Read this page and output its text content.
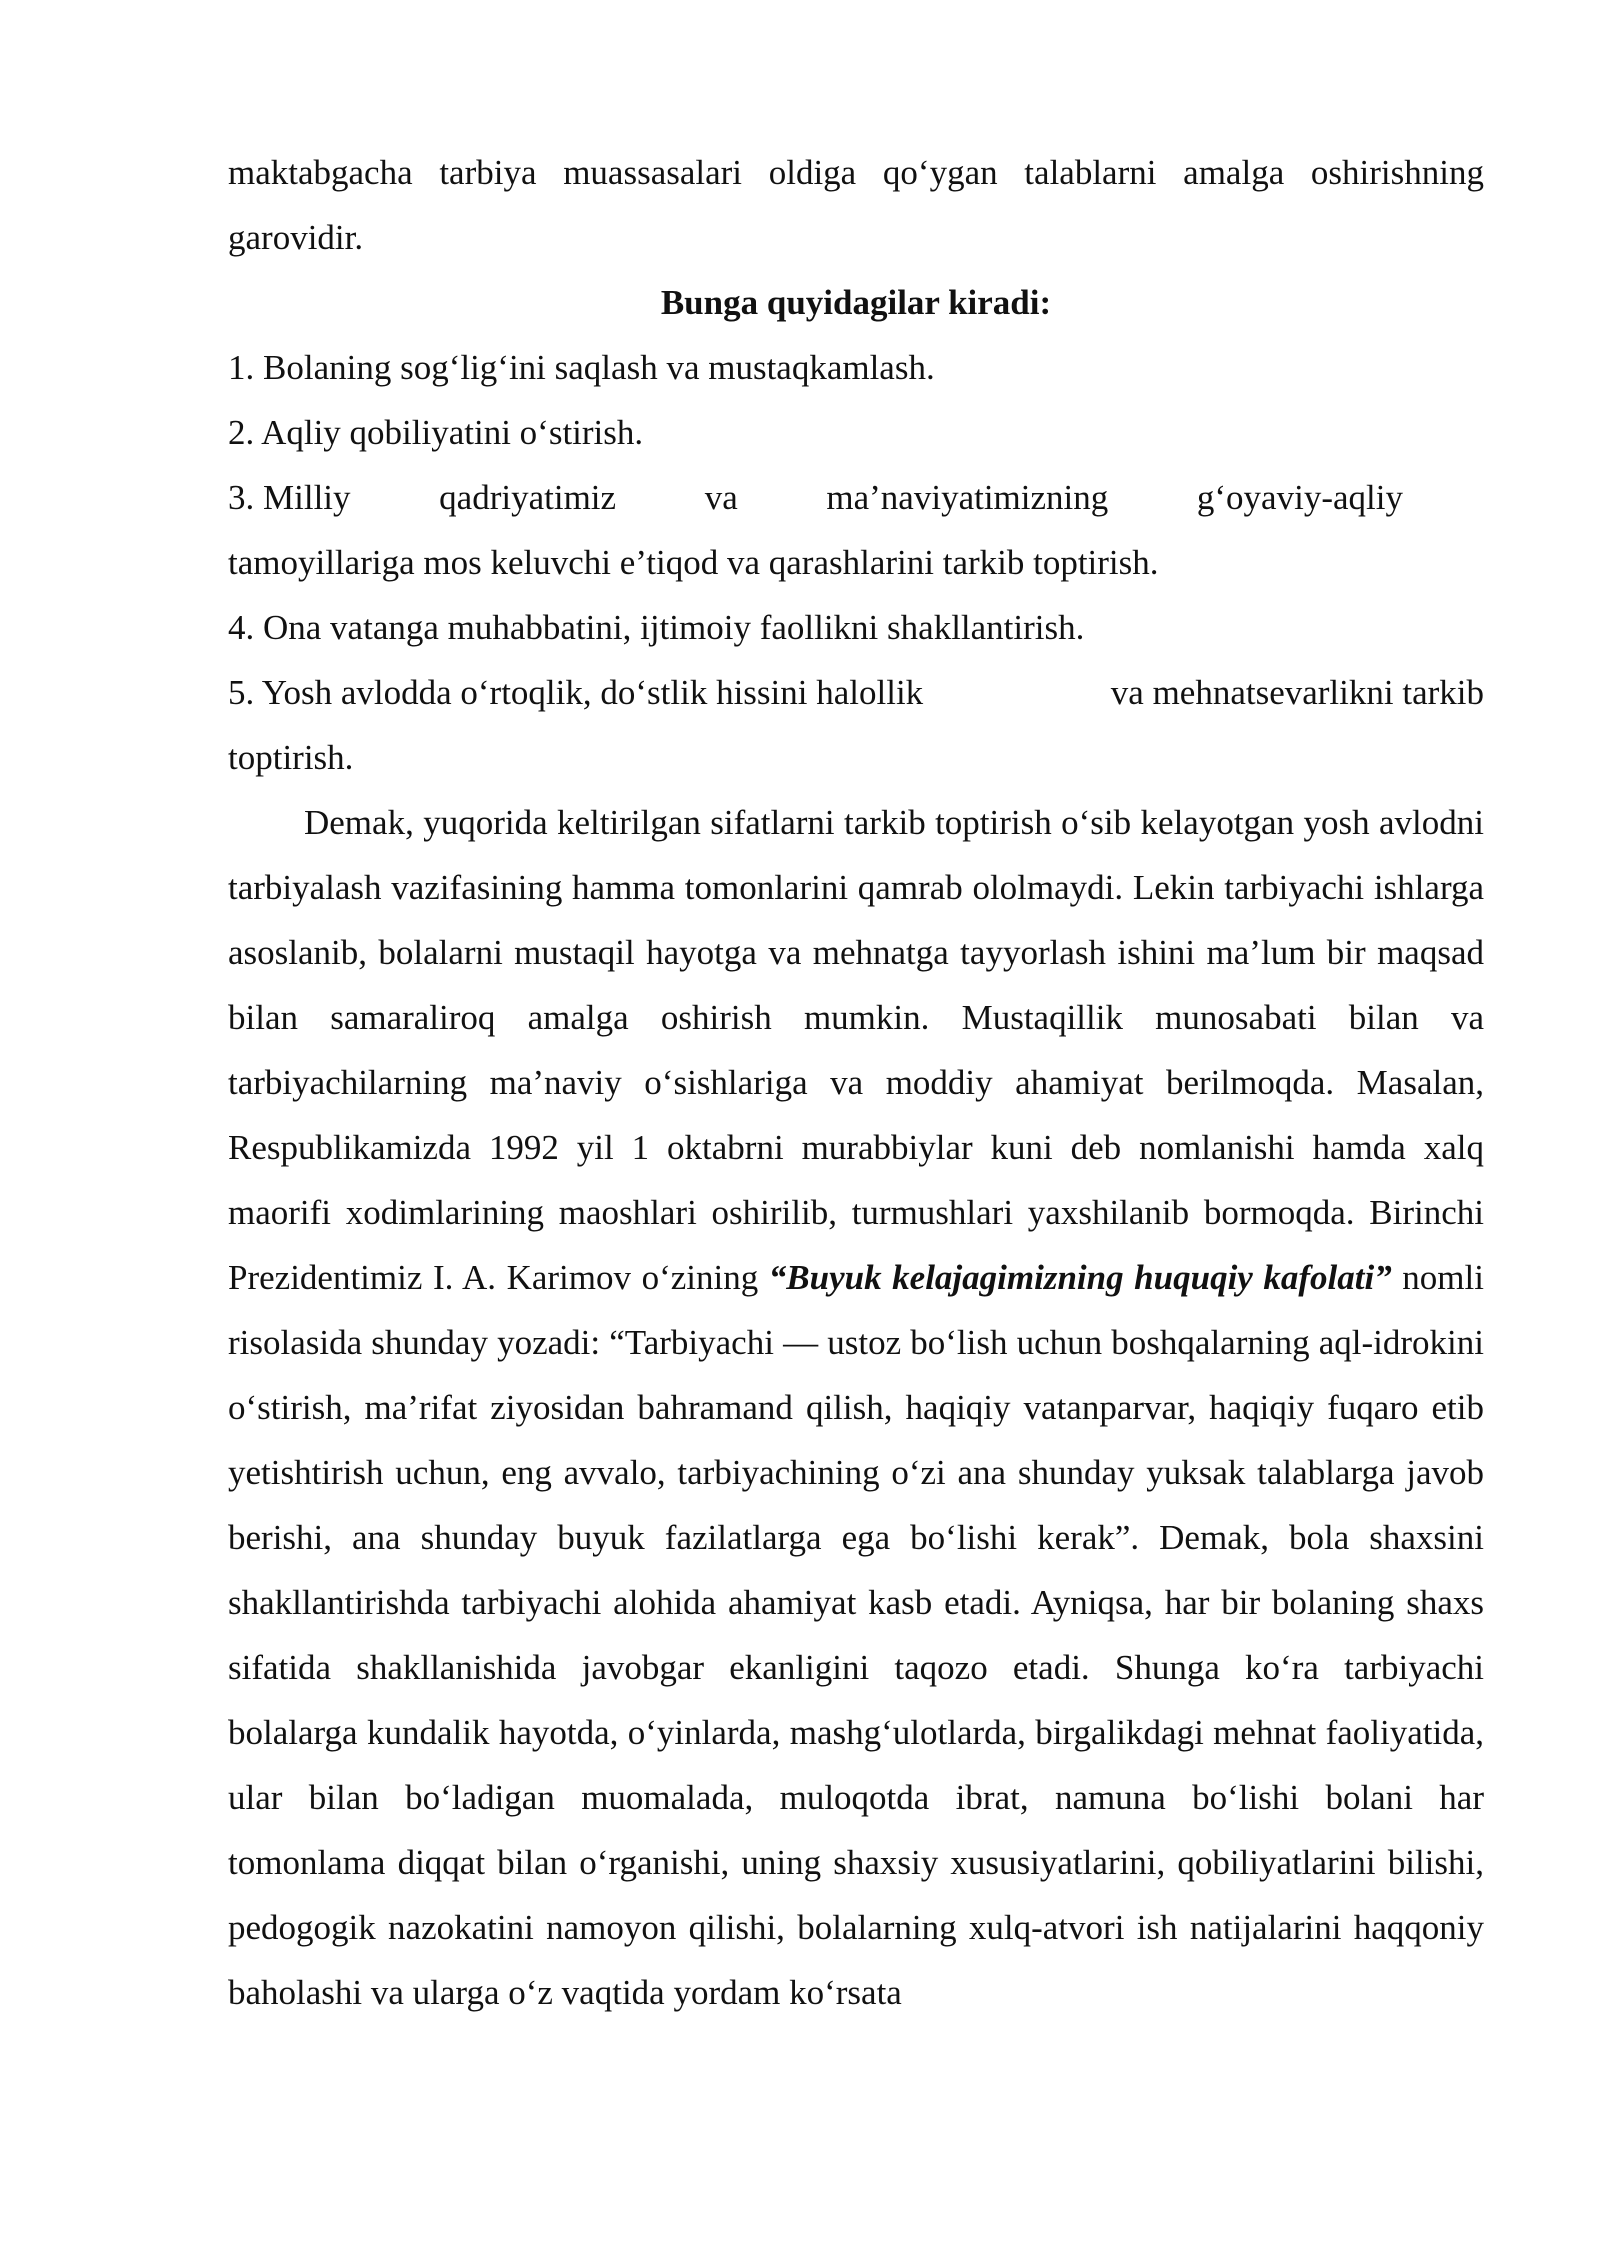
maktabgacha tarbiya muassasalari oldiga qo‘ygan talablarni amalga oshirishning garovidir.

Bunga quyidagilar kiradi:

1. Bolaning sog‘lig‘ini saqlash va mustaqkamlash.

2. Aqliy qobiliyatini o‘stirish.

3. Milliy	qadriyatimiz	va	ma’naviyatimizning	g‘oyaviy-aqliy

tamoyillariga mos keluvchi e’tiqod va qarashlarini tarkib toptirish.

4. Ona vatanga muhabbatini, ijtimoiy faollikni shakllantirish.

5. Yosh avlodda o‘rtoqlik, do‘stlik hissini halollik	va mehnatsevarlikni tarkib

toptirish.

Demak, yuqorida keltirilgan sifatlarni tarkib toptirish o‘sib kelayotgan yosh avlodni tarbiyalash vazifasining hamma tomonlarini qamrab ololmaydi. Lekin tarbiyachi ishlarga asoslanib, bolalarni mustaqil hayotga va mehnatga tayyorlash ishini ma’lum bir maqsad bilan samaraliroq amalga oshirish mumkin. Mustaqillik munosabati bilan va tarbiyachilarning ma’naviy o‘sishlariga va moddiy ahamiyat berilmoqda. Masalan, Respublikamizda 1992 yil 1 oktabrni murabbiylar kuni deb nomlanishi hamda xalq maorifi xodimlarining maoshlari oshirilib, turmushlari yaxshilanib bormoqda. Birinchi Prezidentimiz I. A. Karimov o‘zining “Buyuk kelajagimizning huquqiy kafolati” nomli risolasida shunday yozadi: “Tarbiyachi — ustoz bo‘lish uchun boshqalarning aql-idrokini o‘stirish, ma’rifat ziyosidan bahramand qilish, haqiqiy vatanparvar, haqiqiy fuqaro etib yetishtirish uchun, eng avvalo, tarbiyachining o‘zi ana shunday yuksak talablarga javob berishi, ana shunday buyuk fazilatlarga ega bo‘lishi kerak”. Demak, bola shaxsini shakllantirishda tarbiyachi alohida ahamiyat kasb etadi. Ayniqsa, har bir bolaning shaxs sifatida shakllanishida javobgar ekanligini taqozo etadi. Shunga ko‘ra tarbiyachi bolalarga kundalik hayotda, o‘yinlarda, mashg‘ulotlarda, birgalikdagi mehnat faoliyatida, ular bilan bo‘ladigan muomalada, muloqotda ibrat, namuna bo‘lishi bolani har tomonlama diqqat bilan o‘rganishi, uning shaxsiy xususiyatlarini, qobiliyatlarini bilishi, pedogogik nazokatini namoyon qilishi, bolalarning xulq-atvori ish natijalarini haqqoniy baholashi va ularga o‘z vaqtida yordam ko‘rsata
